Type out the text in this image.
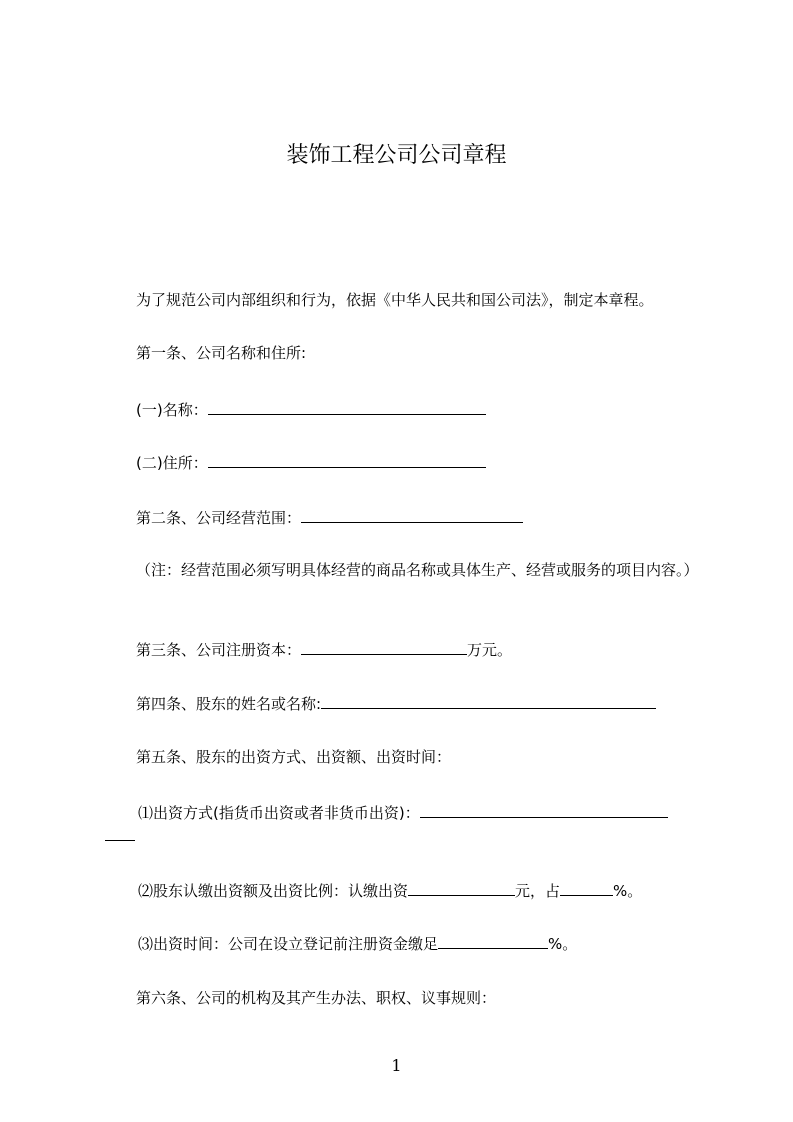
装饰工程公司公司章程
为了规范公司内部组织和行为，依据《中华人民共和国公司法》，制定本章程。
第一条、公司名称和住所:
(一)名称：
(二)住所：
第二条、公司经营范围：
（注：经营范围必须写明具体经营的商品名称或具体生产、经营或服务的项目内容。）
第三条、公司注册资本：	万元。
第四条、股东的姓名或名称:
第五条、股东的出资方式、出资额、出资时间：
⑴出资方式(指货币出资或者非货币出资)：
⑵股东认缴出资额及出资比例：认缴出资	元，占	%。
⑶出资时间：公司在设立登记前注册资金缴足	%。
第六条、公司的机构及其产生办法、职权、议事规则：
1
